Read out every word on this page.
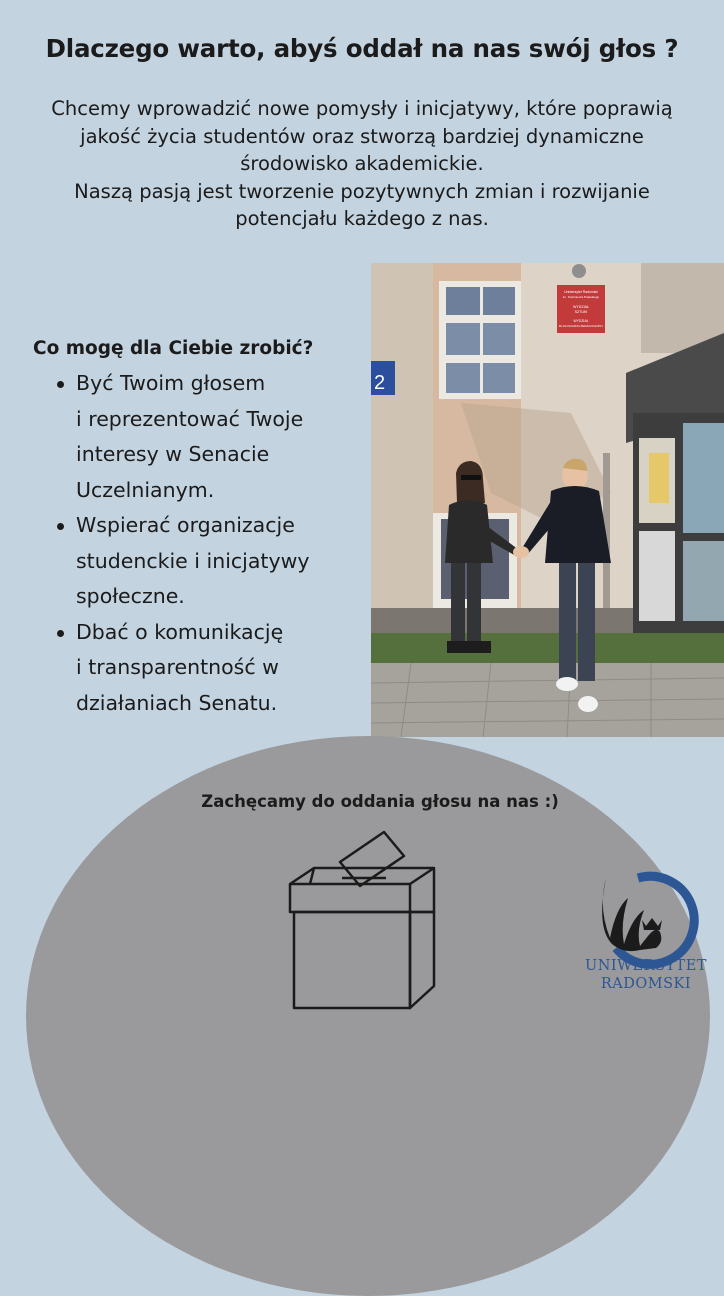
Dlaczego warto, abyś oddał na nas swój głos ?

Chcemy wprowadzić nowe pomysły i inicjatywy, które poprawią

jakość życia studentów oraz stworzą bardziej dynamiczne

środowisko akademickie.

Naszą pasją jest tworzenie pozytywnych zmian i rozwijanie

potencjału każdego z nas.

Co mogę dla Ciebie zrobić?
Być Twoim głosem
i reprezentować Twoje
interesy w Senacie
Uczelnianym.
Wspierać organizacje
studenckie i inicjatywy
społeczne.
Dbać o komunikację
i transparentność w
działaniach Senatu.
2
Uniwersytet Radomski
im. Kazimierza Pułaskiego
WYDZIAŁ
SZTUKI
WYDZIAŁ
FILOLOGICZNO-PEDAGOGICZNY
Zachęcamy do oddania głosu na nas :)
UNIWERSYTET
RADOMSKI
